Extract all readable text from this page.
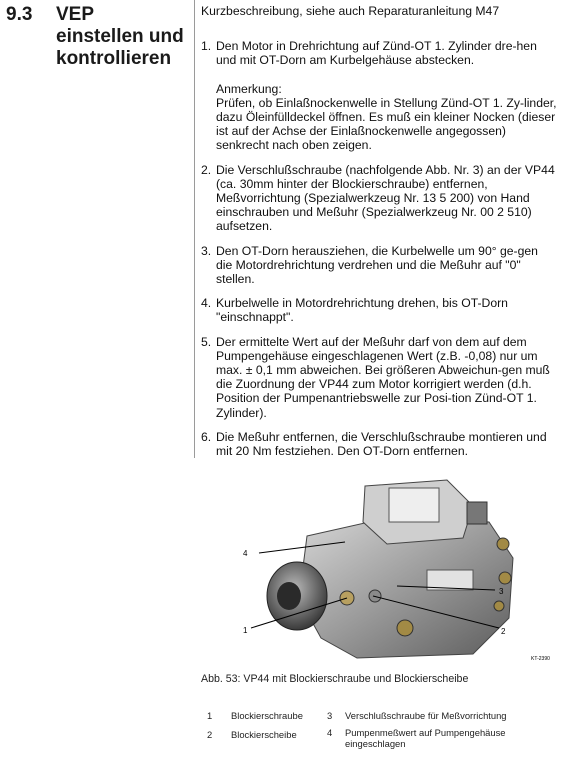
9.3 VEP
einstellen und
kontrollieren

Kurzbeschreibung, siehe auch Reparaturanleitung M47

1. Den Motor in Drehrichtung auf Zünd-OT 1. Zylinder dre-hen und mit OT-Dorn am Kurbelgehäuse abstecken.
Anmerkung:
Prüfen, ob Einlaßnockenwelle in Stellung Zünd-OT 1. Zy-linder, dazu Öleinfülldeckel öffnen. Es muß ein kleiner Nocken (dieser ist auf der Achse der Einlaßnockenwelle angegossen) senkrecht nach oben zeigen.
2. Die Verschlußschraube (nachfolgende Abb. Nr. 3) an der VP44 (ca. 30mm hinter der Blockierschraube) entfernen, Meßvorrichtung (Spezialwerkzeug Nr. 13 5 200) von Hand einschrauben und Meßuhr (Spezialwerkzeug Nr. 00 2 510) aufsetzen.
3. Den OT-Dorn herausziehen, die Kurbelwelle um 90° ge-gen die Motordrehrichtung verdrehen und die Meßuhr auf "0" stellen.
4. Kurbelwelle in Motordrehrichtung drehen, bis OT-Dorn "einschnappt".
5. Der ermittelte Wert auf der Meßuhr darf von dem auf dem Pumpengehäuse eingeschlagenen Wert (z.B. -0,08) nur um max. ± 0,1 mm abweichen. Bei größeren Abweichun-gen muß die Zuordnung der VP44 zum Motor korrigiert werden (d.h. Position der Pumpenantriebswelle zur Posi-tion Zünd-OT 1. Zylinder).
6. Die Meßuhr entfernen, die Verschlußschraube montieren und mit 20 Nm festziehen. Den OT-Dorn entfernen.
4
1	2
3
KT-2390
Abb. 53: VP44 mit Blockierschraube und Blockierscheibe
1 Blockierschraube
2 Blockierscheibe
3 Verschlußschraube für Meßvorrichtung
4 Pumpenmeßwert auf Pumpengehäuse eingeschlagen
